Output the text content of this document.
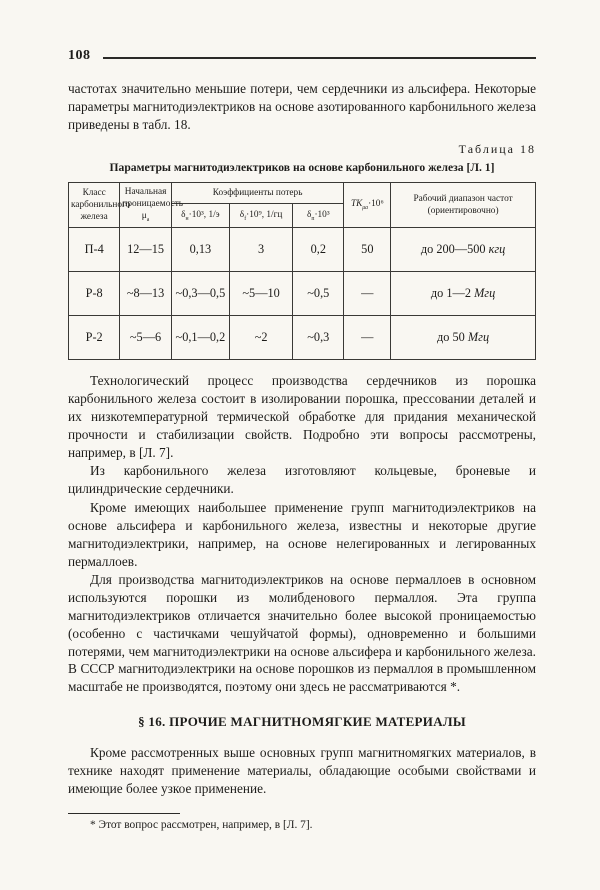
108

частотах значительно меньшие потери, чем сердечники из альсифера. Некоторые параметры магнитодиэлектриков на основе азотированного карбонильного железа приведены в табл. 18.

Таблица 18
Параметры магнитодиэлектриков на основе карбонильного железа [Л. 1]
Класс карбонильного железа	Начальная проницаемость $\mu_а$	Коэффициенты потерь			$ТК_{\mu а}\cdot 10^6$	Рабочий диапазон частот (ориентировочно)
		$\delta_н\cdot 10^3$, 1/э	$\delta_f\cdot 10^9$, 1/гц	$\delta_п\cdot 10^3$		
П-4	12—15	0,13	3	0,2	50	до 200—500 кгц
Р-8	~8—13	~0,3—0,5	~5—10	~0,5	—	до 1—2 Мгц
Р-2	~5—6	~0,1—0,2	~2	~0,3	—	до 50 Мгц

Технологический процесс производства сердечников из порошка карбонильного железа состоит в изолировании порошка, прессовании деталей и их низкотемпературной термической обработке для придания механической прочности и стабилизации свойств. Подробно эти вопросы рассмотрены, например, в [Л. 7].

Из карбонильного железа изготовляют кольцевые, броневые и цилиндрические сердечники.

Кроме имеющих наибольшее применение групп магнитодиэлектриков на основе альсифера и карбонильного железа, известны и некоторые другие магнитодиэлектрики, например, на основе нелегированных и легированных пермаллоев.

Для производства магнитодиэлектриков на основе пермаллоев в основном используются порошки из молибденового пермаллоя. Эта группа магнитодиэлектриков отличается значительно более высокой проницаемостью (особенно с частичками чешуйчатой формы), одновременно и большими потерями, чем магнитодиэлектрики на основе альсифера и карбонильного железа. В СССР магнитодиэлектрики на основе порошков из пермаллоя в промышленном масштабе не производятся, поэтому они здесь не рассматриваются *.

§ 16. ПРОЧИЕ МАГНИТНОМЯГКИЕ МАТЕРИАЛЫ

Кроме рассмотренных выше основных групп магнитномягких материалов, в технике находят применение материалы, обладающие особыми свойствами и имеющие более узкое применение.

* Этот вопрос рассмотрен, например, в [Л. 7].
